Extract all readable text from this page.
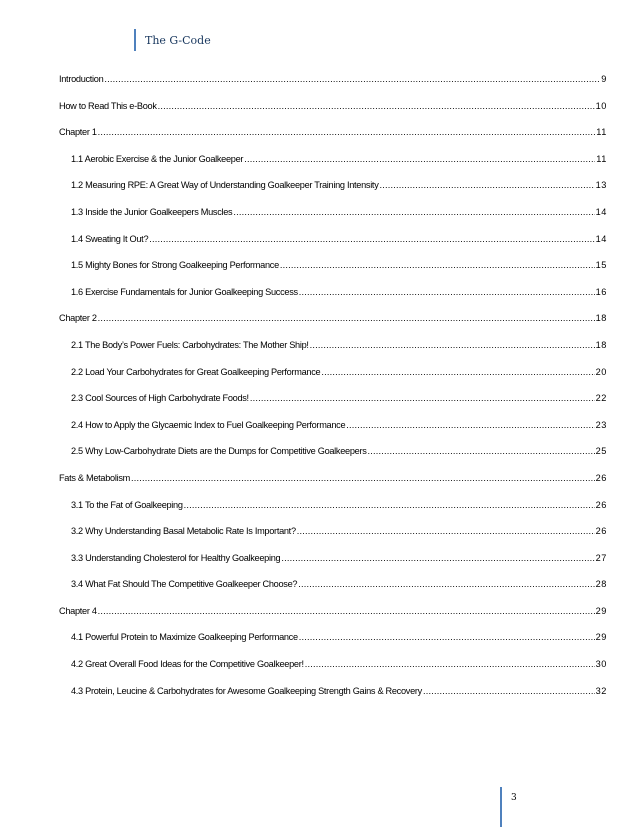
The G-Code
Introduction .....	9
How to Read This e-Book .....	10
Chapter 1 .....	11
1.1 Aerobic Exercise & the Junior Goalkeeper .....	11
1.2 Measuring RPE: A Great Way of Understanding Goalkeeper Training Intensity .....	13
1.3 Inside the Junior Goalkeepers Muscles .....	14
1.4 Sweating It Out? .....	14
1.5 Mighty Bones for Strong Goalkeeping Performance .....	15
1.6 Exercise Fundamentals for Junior Goalkeeping Success .....	16
Chapter 2 .....	18
2.1 The Body’s Power Fuels: Carbohydrates: The Mother Ship! .....	18
2.2 Load Your Carbohydrates for Great Goalkeeping Performance .....	20
2.3 Cool Sources of High Carbohydrate Foods! .....	22
2.4 How to Apply the Glycaemic Index to Fuel Goalkeeping Performance .....	23
2.5 Why Low-Carbohydrate Diets are the Dumps for Competitive Goalkeepers .....	25
Fats & Metabolism .....	26
3.1 To the Fat of Goalkeeping .....	26
3.2 Why Understanding Basal Metabolic Rate Is Important? .....	26
3.3 Understanding Cholesterol for Healthy Goalkeeping .....	27
3.4 What Fat Should The Competitive Goalkeeper Choose? .....	28
Chapter 4 .....	29
4.1 Powerful Protein to Maximize Goalkeeping Performance .....	29
4.2 Great Overall Food Ideas for the Competitive Goalkeeper! .....	30
4.3 Protein, Leucine & Carbohydrates for Awesome Goalkeeping Strength Gains & Recovery .....	32
3
